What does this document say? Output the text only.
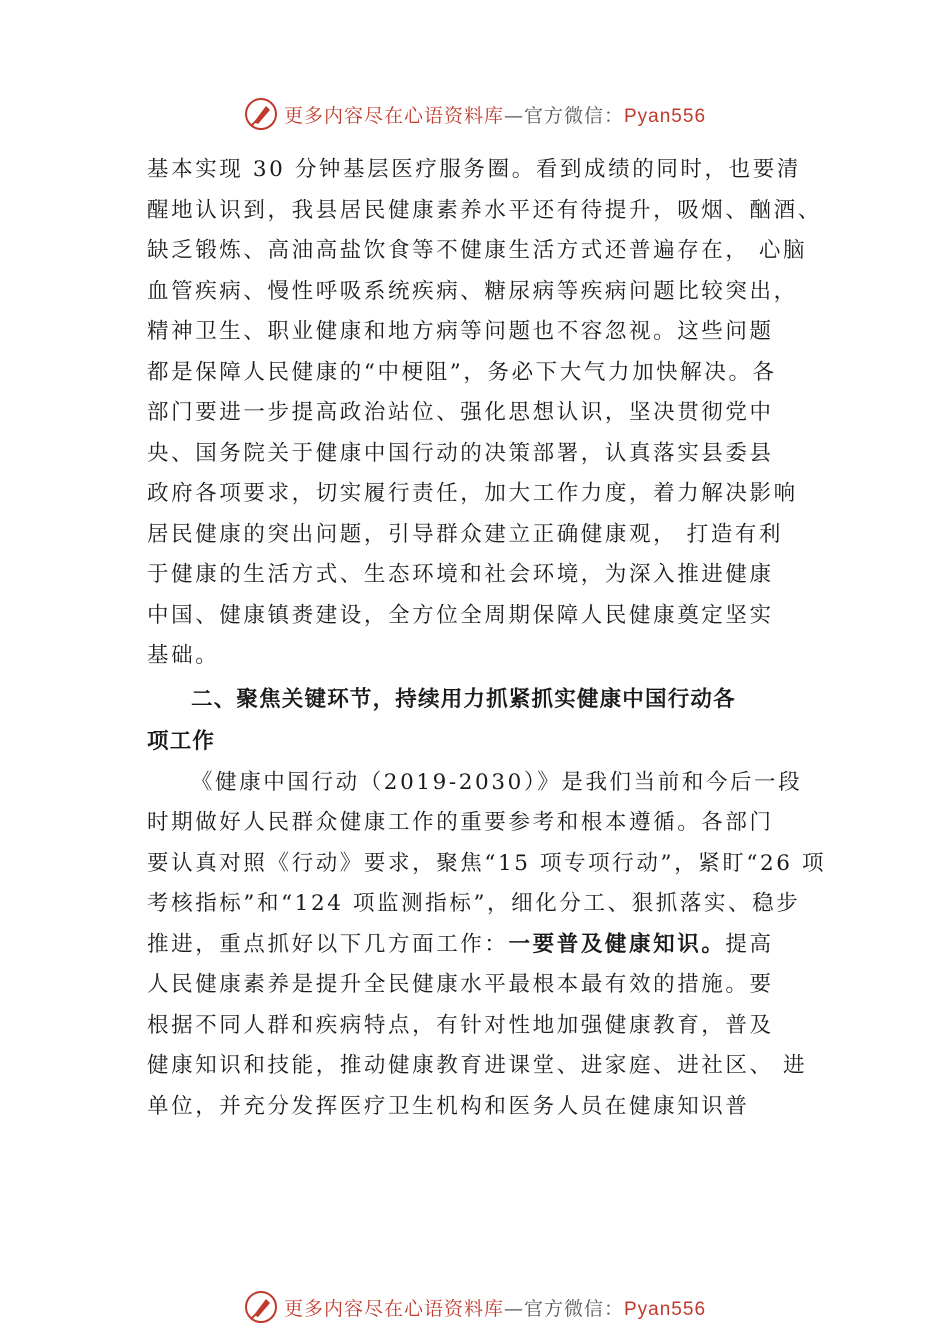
更多内容尽在心语资料库—官方微信：Pyan556
基本实现 30 分钟基层医疗服务圈。看到成绩的同时，也要清
醒地认识到，我县居民健康素养水平还有待提升，吸烟、酗酒、
缺乏锻炼、高油高盐饮食等不健康生活方式还普遍存在， 心脑
血管疾病、慢性呼吸系统疾病、糖尿病等疾病问题比较突出，
精神卫生、职业健康和地方病等问题也不容忽视。这些问题
都是保障人民健康的“中梗阻”，务必下大气力加快解决。各
部门要进一步提高政治站位、强化思想认识，坚决贯彻党中
央、国务院关于健康中国行动的决策部署，认真落实县委县
政府各项要求，切实履行责任，加大工作力度，着力解决影响
居民健康的突出问题，引导群众建立正确健康观， 打造有利
于健康的生活方式、生态环境和社会环境，为深入推进健康
中国、健康镇赉建设，全方位全周期保障人民健康奠定坚实
基础。
二、聚焦关键环节，持续用力抓紧抓实健康中国行动各
项工作
《健康中国行动（2019-2030）》是我们当前和今后一段
时期做好人民群众健康工作的重要参考和根本遵循。各部门
要认真对照《行动》要求，聚焦“15 项专项行动”，紧盯“26 项
考核指标”和“124 项监测指标”，细化分工、狠抓落实、稳步
推进，重点抓好以下几方面工作：一要普及健康知识。提高
人民健康素养是提升全民健康水平最根本最有效的措施。要
根据不同人群和疾病特点，有针对性地加强健康教育，普及
健康知识和技能，推动健康教育进课堂、进家庭、进社区、 进
单位，并充分发挥医疗卫生机构和医务人员在健康知识普
更多内容尽在心语资料库—官方微信：Pyan556
